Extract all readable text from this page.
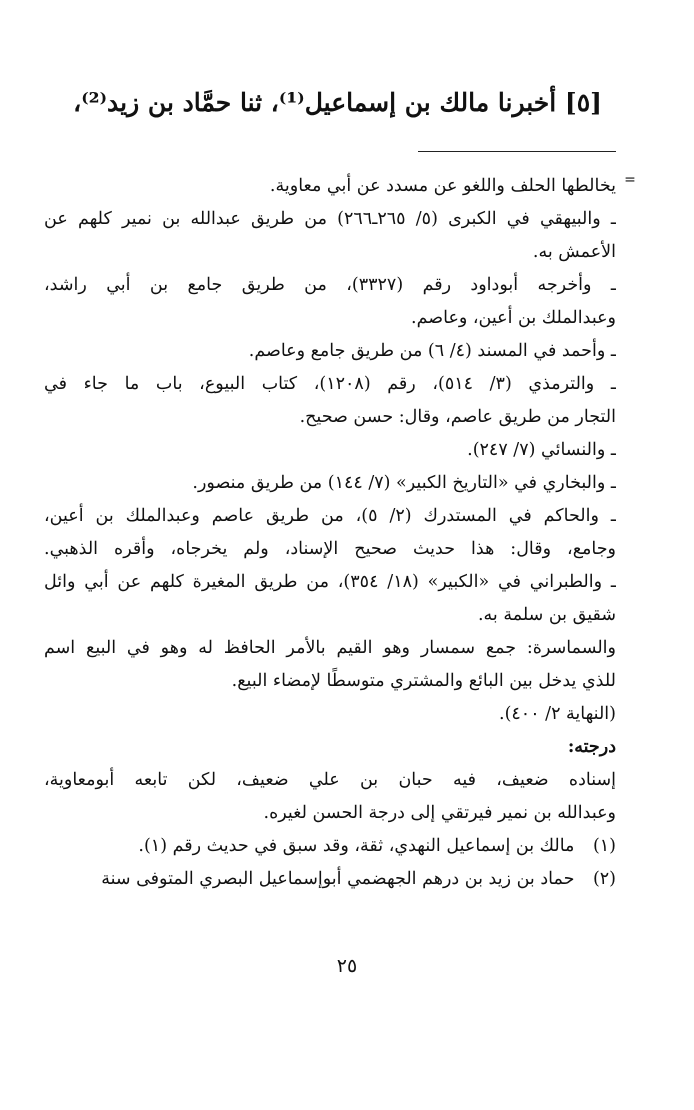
[٥] أخبرنا مالك بن إسماعيل⁽¹⁾، ثنا حمَّاد بن زيد⁽²⁾،
=
يخالطها الحلف واللغو عن مسدد عن أبي معاوية.
ـ والبيهقي في الكبرى (٥/ ٢٦٥ـ٢٦٦) من طريق عبدالله بن نمير كلهم عن
الأعمش به.
ـ وأخرجه أبوداود رقم (٣٣٢٧)، من طريق جامع بن أبي راشد،
وعبدالملك بن أعين، وعاصم.
ـ وأحمد في المسند (٤/ ٦) من طريق جامع وعاصم.
ـ والترمذي (٣/ ٥١٤)، رقم (١٢٠٨)، كتاب البيوع، باب ما جاء في
التجار من طريق عاصم، وقال: حسن صحيح.
ـ والنسائي (٧/ ٢٤٧).
ـ والبخاري في «التاريخ الكبير» (٧/ ١٤٤) من طريق منصور.
ـ والحاكم في المستدرك (٢/ ٥)، من طريق عاصم وعبدالملك بن أعين،
وجامع، وقال: هذا حديث صحيح الإسناد، ولم يخرجاه، وأقره الذهبي.
ـ والطبراني في «الكبير» (١٨/ ٣٥٤)، من طريق المغيرة كلهم عن أبي وائل
شقيق بن سلمة به.
والسماسرة: جمع سمسار وهو القيم بالأمر الحافظ له وهو في البيع اسم
للذي يدخل بين البائع والمشتري متوسطًا لإمضاء البيع.
(النهاية ٢/ ٤٠٠).
درجته:
إسناده ضعيف، فيه حبان بن علي ضعيف، لكن تابعه أبومعاوية،
وعبدالله بن نمير فيرتقي إلى درجة الحسن لغيره.
(١) مالك بن إسماعيل النهدي، ثقة، وقد سبق في حديث رقم (١).
(٢) حماد بن زيد بن درهم الجهضمي أبوإسماعيل البصري المتوفى سنة
٢٥
